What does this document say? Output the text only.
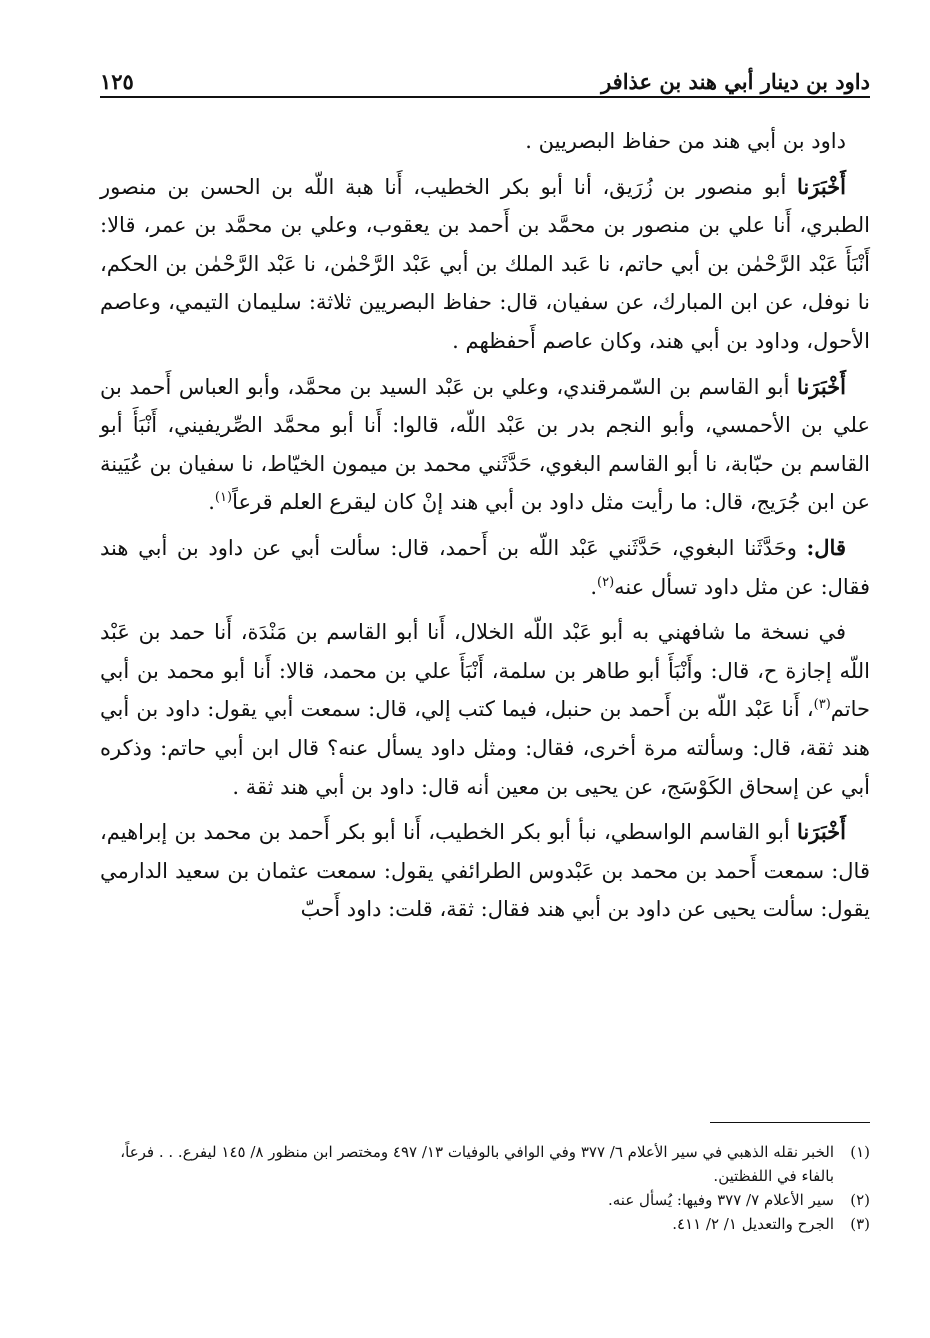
داود بن دينار أبي هند بن عذافر
١٢٥

داود بن أبي هند من حفاظ البصريين .

أَخْبَرَنا أبو منصور بن زُرَيق، أنا أبو بكر الخطيب، أَنا هبة اللّه بن الحسن بن منصور الطبري، أَنا علي بن منصور بن محمَّد بن أَحمد بن يعقوب، وعلي بن محمَّد بن عمر، قالا: أَنْبَأَ عَبْد الرَّحْمٰن بن أبي حاتم، نا عَبد الملك بن أبي عَبْد الرَّحْمٰن، نا عَبْد الرَّحْمٰن بن الحكم، نا نوفل، عن ابن المبارك، عن سفيان، قال: حفاظ البصريين ثلاثة: سليمان التيمي، وعاصم الأحول، وداود بن أبي هند، وكان عاصم أَحفظهم .

أَخْبَرَنا أبو القاسم بن السّمرقندي، وعلي بن عَبْد السيد بن محمَّد، وأبو العباس أَحمد بن علي بن الأحمسي، وأبو النجم بدر بن عَبْد اللّه، قالوا: أَنا أبو محمَّد الصِّريفيني، أَنْبَأَ أبو القاسم بن حبّابة، نا أبو القاسم البغوي، حَدَّثَني محمد بن ميمون الخيّاط، نا سفيان بن عُيَينة عن ابن جُرَيج، قال: ما رأيت مثل داود بن أبي هند إنْ كان ليقرع العلم قرعاً$^{(١)}$.

قال: وحَدَّثَنا البغوي، حَدَّثَني عَبْد اللّه بن أَحمد، قال: سألت أبي عن داود بن أبي هند فقال: عن مثل داود تسأل عنه$^{(٢)}$.

في نسخة ما شافهني به أبو عَبْد اللّه الخلال، أَنا أبو القاسم بن مَنْدَة، أَنا حمد بن عَبْد اللّه إجازة ح، قال: وأَنْبَأَ أبو طاهر بن سلمة، أَنْبَأَ علي بن محمد، قالا: أَنا أبو محمد بن أبي حاتم$^{(٣)}$، أَنا عَبْد اللّه بن أَحمد بن حنبل، فيما كتب إلي، قال: سمعت أبي يقول: داود بن أبي هند ثقة، قال: وسألته مرة أخرى، فقال: ومثل داود يسأل عنه؟ قال ابن أبي حاتم: وذكره أبي عن إسحاق الكَوْسَج، عن يحيى بن معين أنه قال: داود بن أبي هند ثقة .

أَخْبَرَنا أبو القاسم الواسطي، نبأ أبو بكر الخطيب، أَنا أبو بكر أَحمد بن محمد بن إبراهيم، قال: سمعت أَحمد بن محمد بن عَبْدوس الطرائفي يقول: سمعت عثمان بن سعيد الدارمي يقول: سألت يحيى عن داود بن أبي هند فقال: ثقة، قلت: داود أَحبّ

(١)
الخبر نقله الذهبي في سير الأعلام ٦/ ٣٧٧ وفي الوافي بالوفيات ١٣/ ٤٩٧ ومختصر ابن منظور ٨/ ١٤٥ ليفرع. . . فرعاً، بالفاء في اللفظتين.
(٢)
سير الأعلام ٧/ ٣٧٧ وفيها: يُسأل عنه.
(٣)
الجرح والتعديل ١/ ٢/ ٤١١.
